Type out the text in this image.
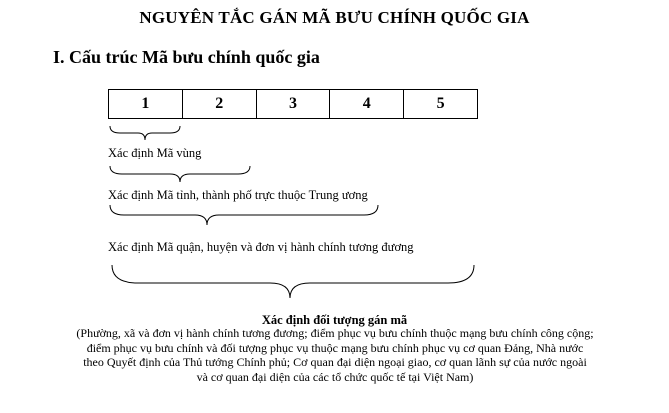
NGUYÊN TẮC GÁN MÃ BƯU CHÍNH QUỐC GIA
I. Cấu trúc Mã bưu chính quốc gia
1	2	3	4	5
Xác định Mã vùng
Xác định Mã tỉnh, thành phố trực thuộc Trung ương
Xác định Mã quận, huyện và đơn vị hành chính tương đương
Xác định đối tượng gán mã
(Phường, xã và đơn vị hành chính tương đương; điểm phục vụ bưu chính thuộc mạng bưu chính công cộng;
điểm phục vụ bưu chính và đối tượng phục vụ thuộc mạng bưu chính phục vụ cơ quan Đảng, Nhà nước
theo Quyết định của Thủ tướng Chính phủ; Cơ quan đại diện ngoại giao, cơ quan lãnh sự của nước ngoài
và cơ quan đại diện của các tổ chức quốc tế tại Việt Nam)
